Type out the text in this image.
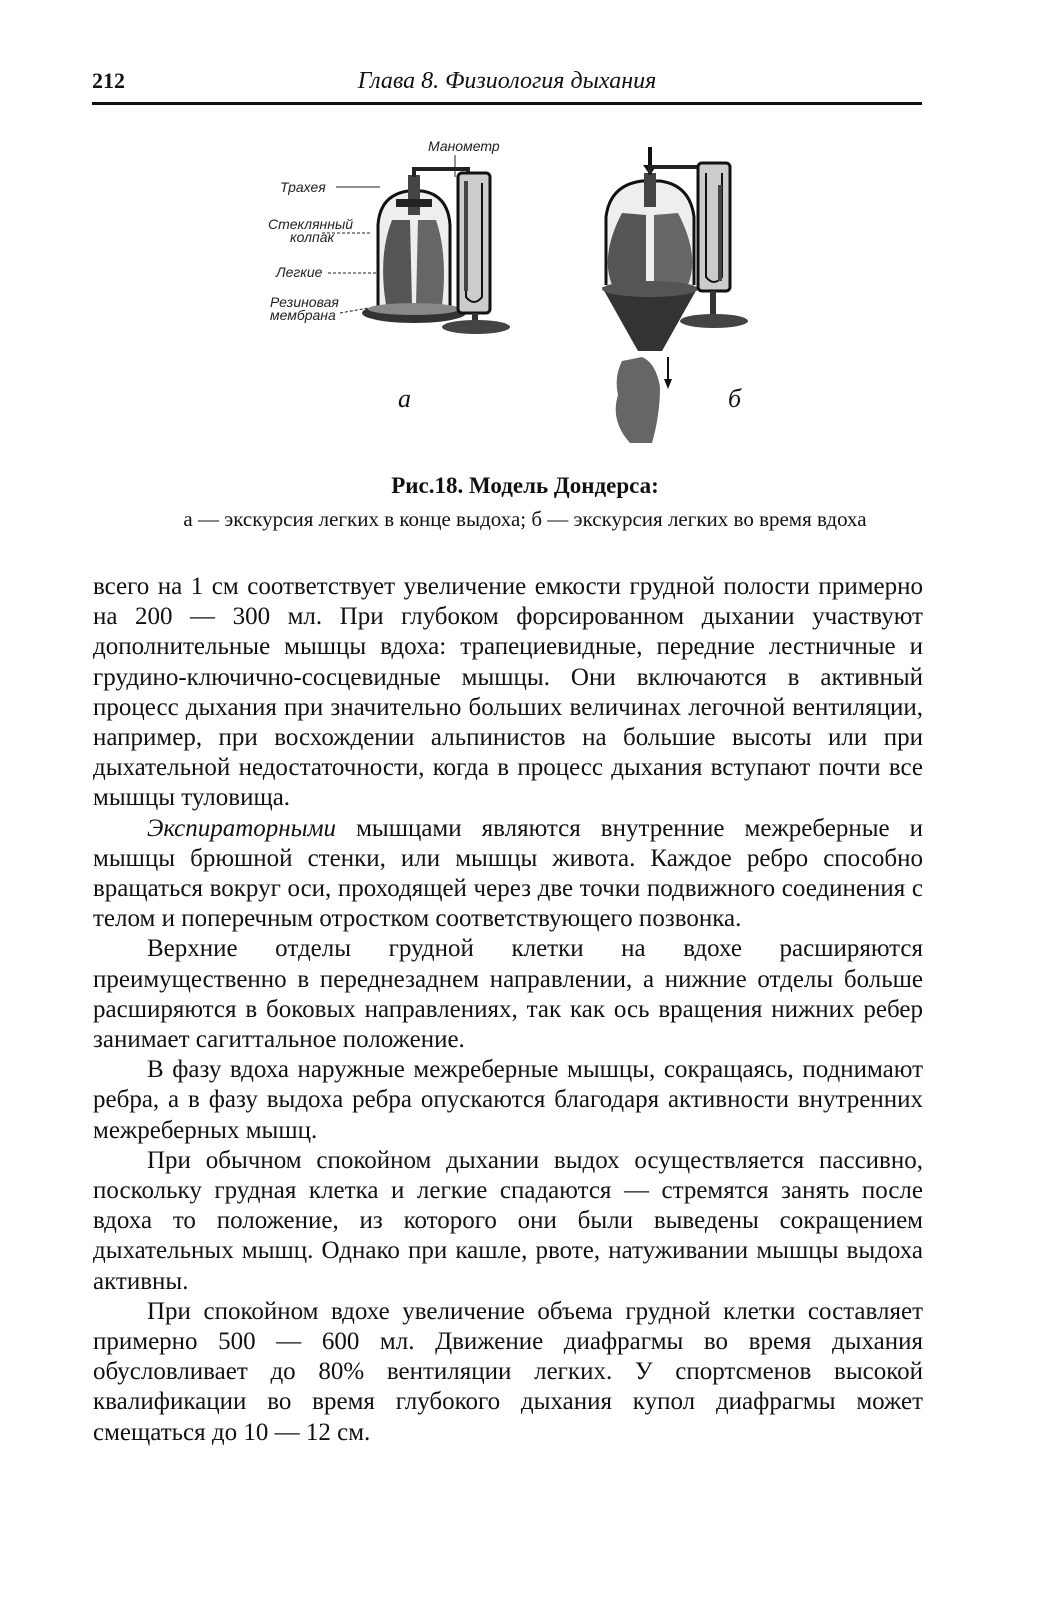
212	Глава 8. Физиология дыхания
Манометр
Трахея
Стеклянный
колпак
Легкие
Резиновая
мембрана
а	б
Рис.18. Модель Дондерса:
а — экскурсия легких в конце выдоха; б — экскурсия легких во время вдоха

всего на 1 см соответствует увеличение емкости грудной полости примерно на 200 — 300 мл. При глубоком форсированном дыхании участвуют дополнительные мышцы вдоха: трапециевидные, передние лестничные и грудино-ключично-сосцевидные мышцы. Они включаются в активный процесс дыхания при значительно больших величинах легочной вентиляции, например, при восхождении альпинистов на большие высоты или при дыхательной недостаточности, когда в процесс дыхания вступают почти все мышцы туловища.

Экспираторными мышцами являются внутренние межреберные и мышцы брюшной стенки, или мышцы живота. Каждое ребро способно вращаться вокруг оси, проходящей через две точки подвижного соединения с телом и поперечным отростком соответствующего позвонка.

Верхние отделы грудной клетки на вдохе расширяются преимущественно в переднезаднем направлении, а нижние отделы больше расширяются в боковых направлениях, так как ось вращения нижних ребер занимает сагиттальное положение.

В фазу вдоха наружные межреберные мышцы, сокращаясь, поднимают ребра, а в фазу выдоха ребра опускаются благодаря активности внутренних межреберных мышц.

При обычном спокойном дыхании выдох осуществляется пассивно, поскольку грудная клетка и легкие спадаются — стремятся занять после вдоха то положение, из которого они были выведены сокращением дыхательных мышц. Однако при кашле, рвоте, натуживании мышцы выдоха активны.

При спокойном вдохе увеличение объема грудной клетки составляет примерно 500 — 600 мл. Движение диафрагмы во время дыхания обусловливает до 80% вентиляции легких. У спортсменов высокой квалификации во время глубокого дыхания купол диафрагмы может смещаться до 10 — 12 см.
